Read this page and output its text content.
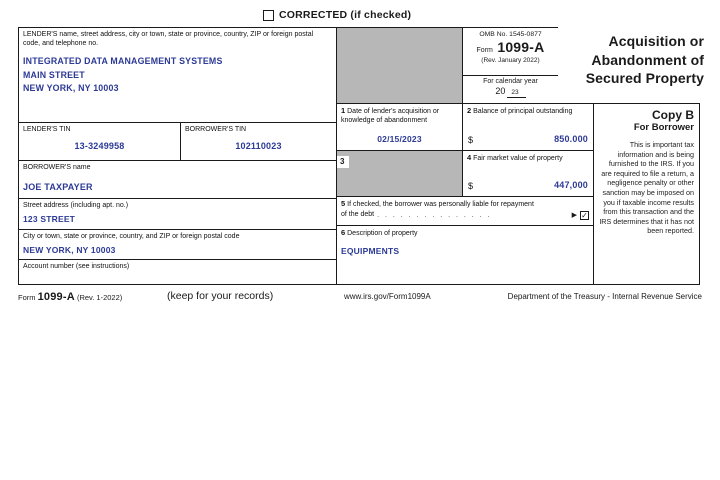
CORRECTED (if checked)
Acquisition or
Abandonment of
Secured Property
LENDER'S name, street address, city or town, state or province, country, ZIP or foreign postal code, and telephone no.
INTEGRATED DATA MANAGEMENT SYSTEMS
MAIN STREET
NEW YORK, NY 10003
OMB No. 1545-0877
Form 1099-A
(Rev. January 2022)
For calendar year
20 23
LENDER'S TIN
13-3249958
BORROWER'S TIN
102110023
BORROWER'S name
JOE TAXPAYER
Street address (including apt. no.)
123 STREET
City or town, state or province, country, and ZIP or foreign postal code
NEW YORK, NY 10003
Account number (see instructions)
1 Date of lender's acquisition or knowledge of abandonment
02/15/2023
2 Balance of principal outstanding
$	850.000
3	4 Fair market value of property
$	447,000
5 If checked, the borrower was personally liable for repayment
of the debt . . . . . . . . . . . . . . .	▶ ✓
6 Description of property
EQUIPMENTS
Copy B
For Borrower
This is important tax information and is being furnished to the IRS. If you are required to file a return, a negligence penalty or other sanction may be imposed on you if taxable income results from this transaction and the IRS determines that it has not been reported.
Form 1099-A (Rev. 1-2022)	(keep for your records)	www.irs.gov/Form1099A	Department of the Treasury - Internal Revenue Service
